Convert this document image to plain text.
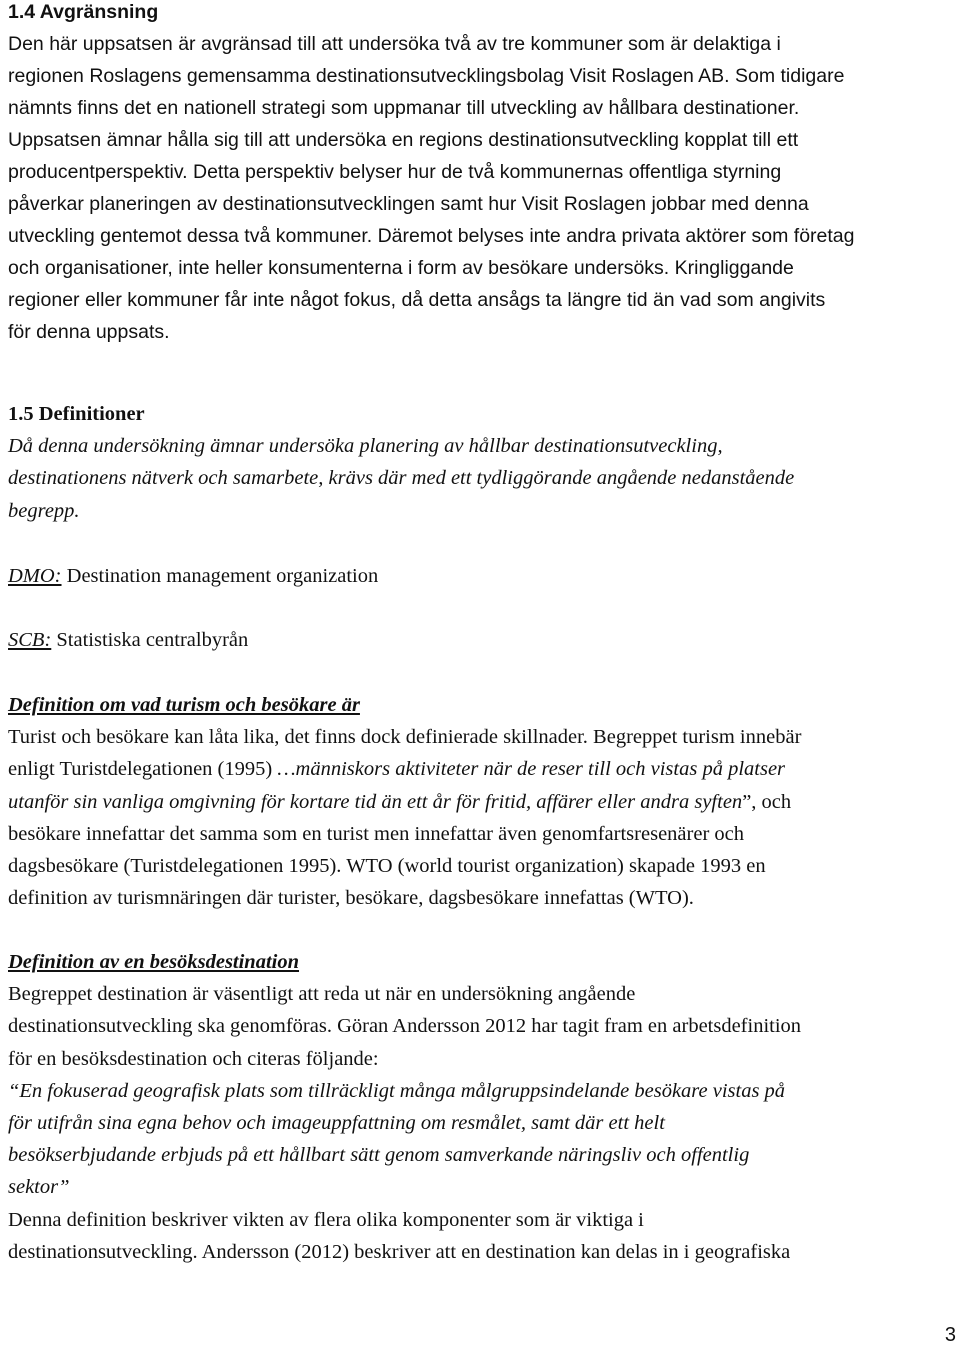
1.4 Avgränsning
Den här uppsatsen är avgränsad till att undersöka två av tre kommuner som är delaktiga i
regionen Roslagens gemensamma destinationsutvecklingsbolag Visit Roslagen AB. Som tidigare
nämnts finns det en nationell strategi som uppmanar till utveckling av hållbara destinationer.
Uppsatsen ämnar hålla sig till att undersöka en regions destinationsutveckling kopplat till ett
producentperspektiv. Detta perspektiv belyser hur de två kommunernas offentliga styrning
påverkar planeringen av destinationsutvecklingen samt hur Visit Roslagen jobbar med denna
utveckling gentemot dessa två kommuner. Däremot belyses inte andra privata aktörer som företag
och organisationer, inte heller konsumenterna i form av besökare undersöks. Kringliggande
regioner eller kommuner får inte något fokus, då detta ansågs ta längre tid än vad som angivits
för denna uppsats.
1.5 Definitioner
Då denna undersökning ämnar undersöka planering av hållbar destinationsutveckling,
destinationens nätverk och samarbete, krävs där med ett tydliggörande angående nedanstående
begrepp.
DMO: Destination management organization
SCB: Statistiska centralbyrån
Definition om vad turism och besökare är
Turist och besökare kan låta lika, det finns dock definierade skillnader. Begreppet turism innebär
enligt Turistdelegationen (1995) …människors aktiviteter när de reser till och vistas på platser
utanför sin vanliga omgivning för kortare tid än ett år för fritid, affärer eller andra syften”, och
besökare innefattar det samma som en turist men innefattar även genomfartsresenärer och
dagsbesökare (Turistdelegationen 1995). WTO (world tourist organization) skapade 1993 en
definition av turismnäringen där turister, besökare, dagsbesökare innefattas (WTO).
Definition av en besöksdestination
Begreppet destination är väsentligt att reda ut när en undersökning angående
destinationsutveckling ska genomföras. Göran Andersson 2012 har tagit fram en arbetsdefinition
för en besöksdestination och citeras följande:
“En fokuserad geografisk plats som tillräckligt många målgruppsindelande besökare vistas på
för utifrån sina egna behov och imageuppfattning om resmålet, samt där ett helt
besökserbjudande erbjuds på ett hållbart sätt genom samverkande näringsliv och offentlig
sektor”
Denna definition beskriver vikten av flera olika komponenter som är viktiga i
destinationsutveckling. Andersson (2012) beskriver att en destination kan delas in i geografiska
3
